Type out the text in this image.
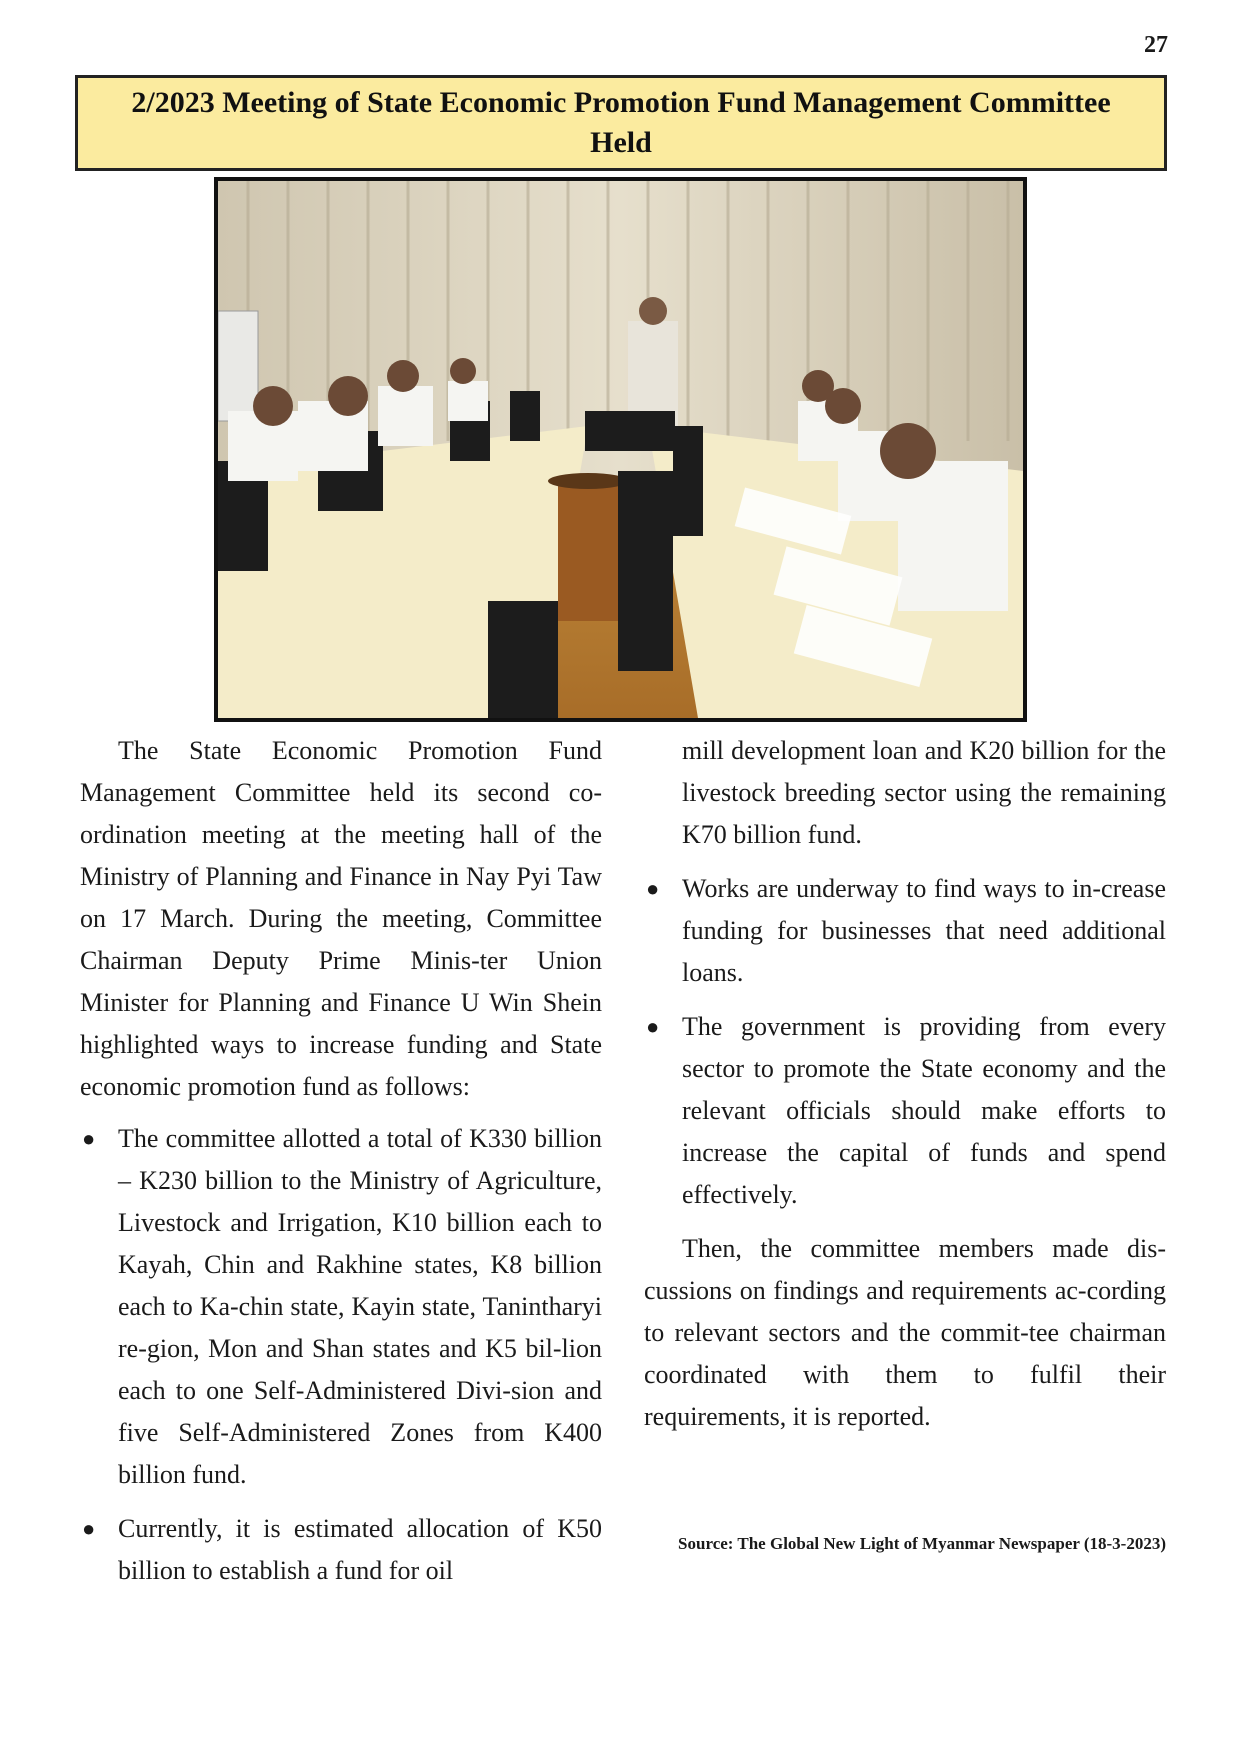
27
2/2023 Meeting of State Economic Promotion Fund Management Committee Held

The State Economic Promotion Fund Management Committee held its second co-ordination meeting at the meeting hall of the Ministry of Planning and Finance in Nay Pyi Taw on 17 March. During the meeting, Committee Chairman Deputy Prime Minis-ter Union Minister for Planning and Finance U Win Shein highlighted ways to increase funding and State economic promotion fund as follows:

● The committee allotted a total of K330 billion – K230 billion to the Ministry of Agriculture, Livestock and Irrigation, K10 billion each to Kayah, Chin and Rakhine states, K8 billion each to Ka-chin state, Kayin state, Tanintharyi re-gion, Mon and Shan states and K5 bil-lion each to one Self-Administered Divi-sion and five Self-Administered Zones from K400 billion fund.
● Currently, it is estimated allocation of K50 billion to establish a fund for oil

mill development loan and K20 billion for the livestock breeding sector using the remaining K70 billion fund.

● Works are underway to find ways to in-crease funding for businesses that need additional loans.
● The government is providing from every sector to promote the State economy and the relevant officials should make efforts to increase the capital of funds and spend effectively.

Then, the committee members made dis-cussions on findings and requirements ac-cording to relevant sectors and the commit-tee chairman coordinated with them to fulfil their requirements, it is reported.

Source: The Global New Light of Myanmar Newspaper (18-3-2023)
